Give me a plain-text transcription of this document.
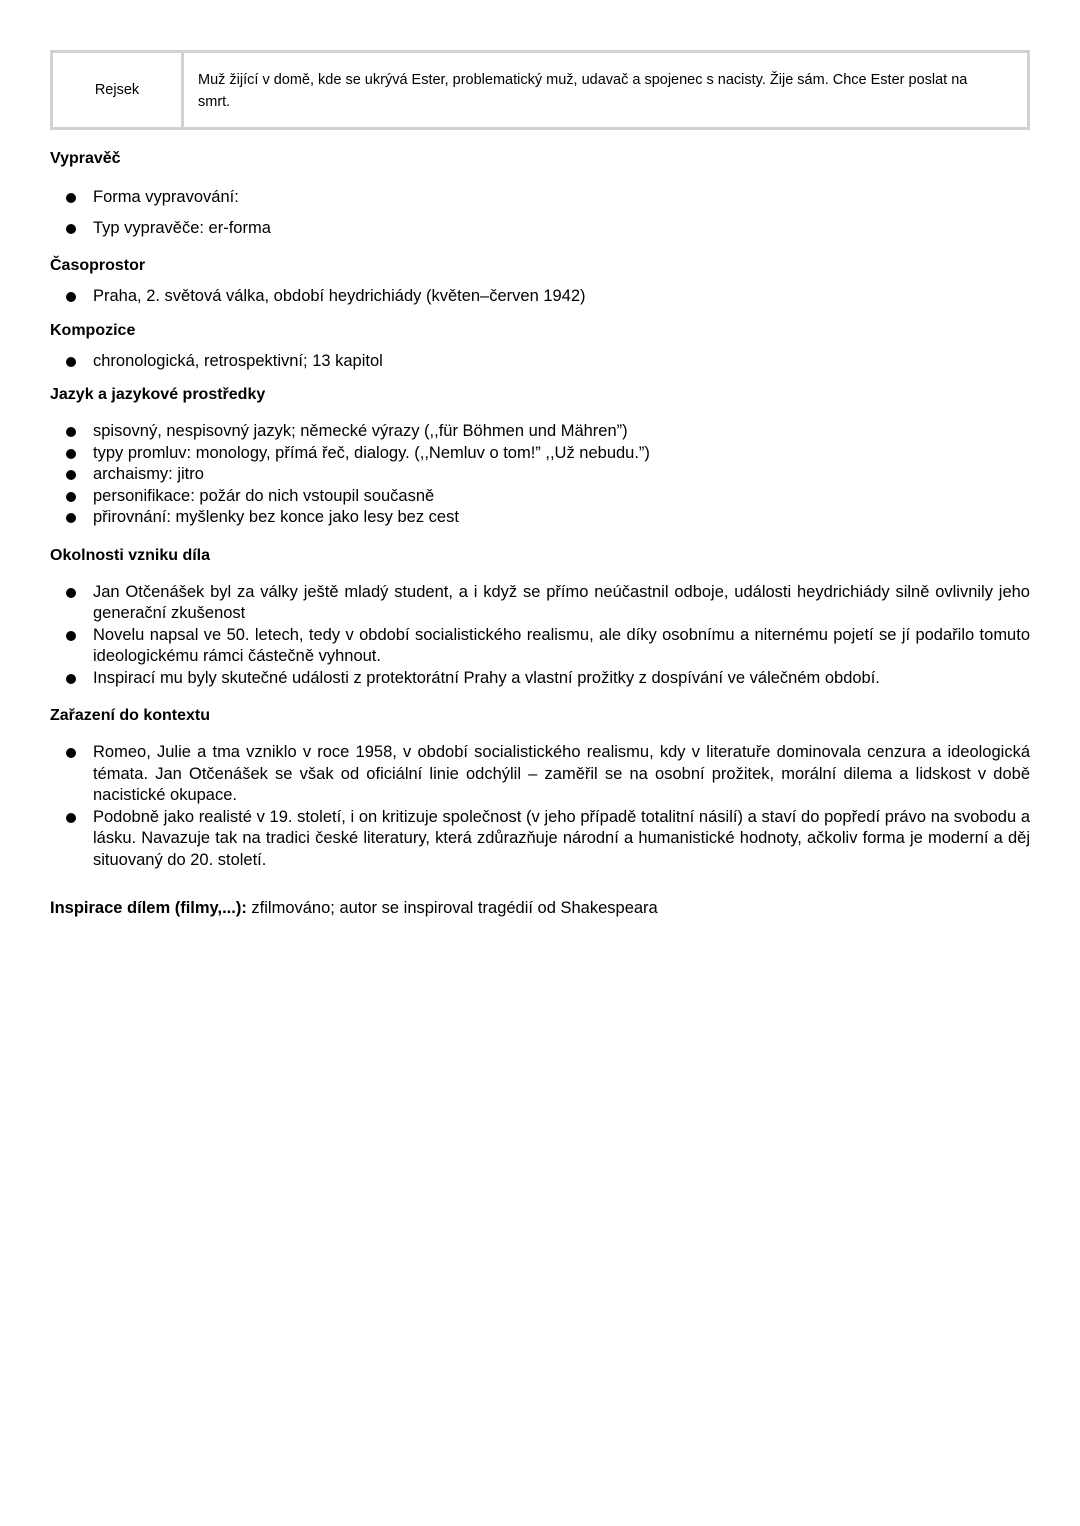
Rejsek	Muž žijící v domě, kde se ukrývá Ester, problematický muž, udavač a spojenec s nacisty. Žije sám. Chce Ester poslat na smrt.
Vypravěč
Forma vypravování:
Typ vypravěče: er-forma
Časoprostor
Praha, 2. světová válka, období heydrichiády (květen–červen 1942)
Kompozice
chronologická, retrospektivní; 13 kapitol
Jazyk a jazykové prostředky
spisovný, nespisovný jazyk; německé výrazy (,,für Böhmen und Mähren”)
typy promluv: monology, přímá řeč, dialogy. (,,Nemluv o tom!” ,,Už nebudu.”)
archaismy: jitro
personifikace: požár do nich vstoupil současně
přirovnání: myšlenky bez konce jako lesy bez cest
Okolnosti vzniku díla
Jan Otčenášek byl za války ještě mladý student, a i když se přímo neúčastnil odboje, události heydrichiády silně ovlivnily jeho generační zkušenost
Novelu napsal ve 50. letech, tedy v období socialistického realismu, ale díky osobnímu a niternému pojetí se jí podařilo tomuto ideologickému rámci částečně vyhnout.
Inspirací mu byly skutečné události z protektorátní Prahy a vlastní prožitky z dospívání ve válečném období.
Zařazení do kontextu
Romeo, Julie a tma vzniklo v roce 1958, v období socialistického realismu, kdy v literatuře dominovala cenzura a ideologická témata. Jan Otčenášek se však od oficiální linie odchýlil – zaměřil se na osobní prožitek, morální dilema a lidskost v době nacistické okupace.
Podobně jako realisté v 19. století, i on kritizuje společnost (v jeho případě totalitní násilí) a staví do popředí právo na svobodu a lásku. Navazuje tak na tradici české literatury, která zdůrazňuje národní a humanistické hodnoty, ačkoliv forma je moderní a děj situovaný do 20. století.
Inspirace dílem (filmy,...): zfilmováno; autor se inspiroval tragédií od Shakespeara
